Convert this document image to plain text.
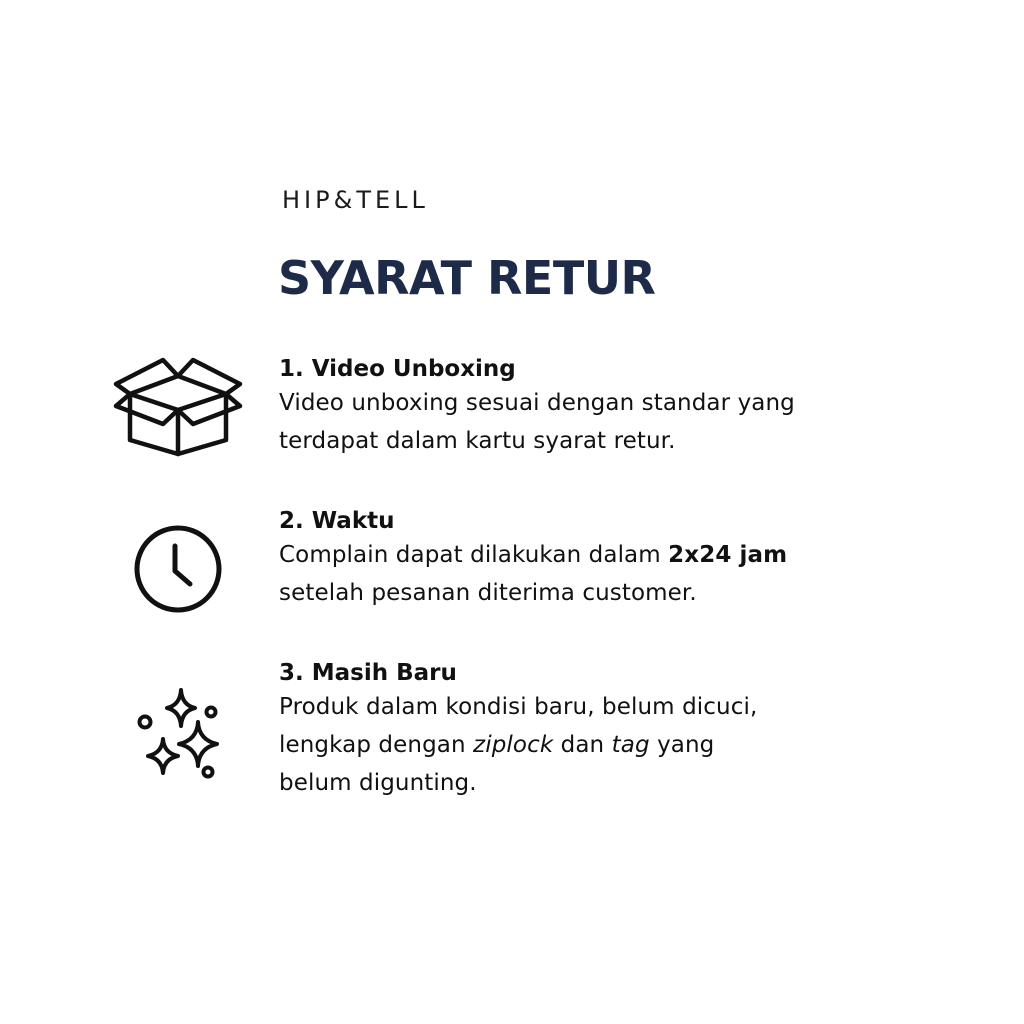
HIP&TELL
SYARAT RETUR
1. Video Unboxing
Video unboxing sesuai dengan standar yang
terdapat dalam kartu syarat retur.
2. Waktu
Complain dapat dilakukan dalam 2x24 jam
setelah pesanan diterima customer.
3. Masih Baru
Produk dalam kondisi baru, belum dicuci,
lengkap dengan ziplock dan tag yang
belum digunting.
